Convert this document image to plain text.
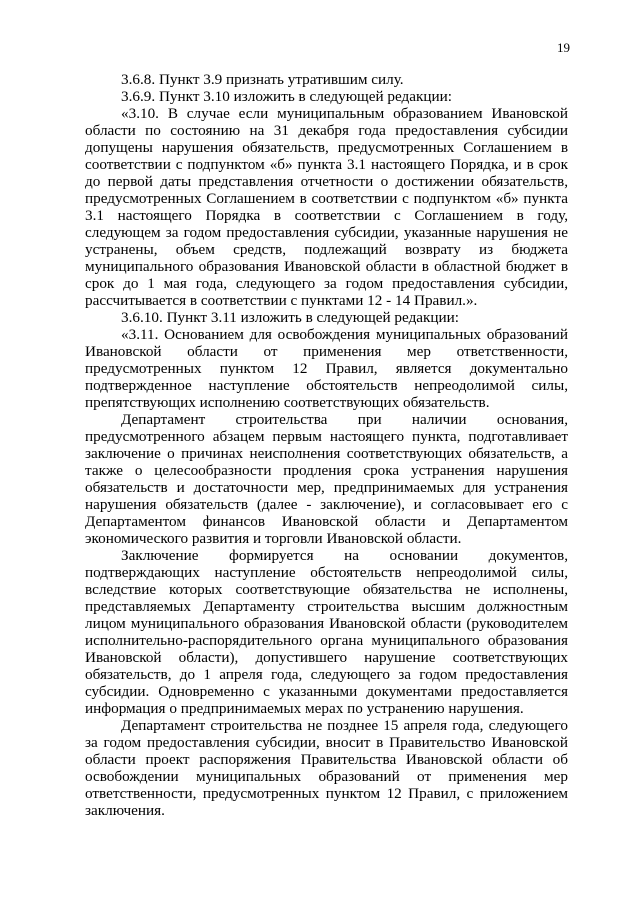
19

3.6.8. Пункт 3.9 признать утратившим силу.

3.6.9. Пункт 3.10 изложить в следующей редакции:

«3.10. В случае если муниципальным образованием Ивановской области по состоянию на 31 декабря года предоставления субсидии допущены нарушения обязательств, предусмотренных Соглашением в соответствии с подпунктом «б» пункта 3.1 настоящего Порядка, и в срок до первой даты представления отчетности о достижении обязательств, предусмотренных Соглашением в соответствии с подпунктом «б» пункта 3.1 настоящего Порядка в соответствии с Соглашением в году, следующем за годом предоставления субсидии, указанные нарушения не устранены, объем средств, подлежащий возврату из бюджета муниципального образования Ивановской области в областной бюджет в срок до 1 мая года, следующего за годом предоставления субсидии, рассчитывается в соответствии с пунктами 12 - 14 Правил.».

3.6.10. Пункт 3.11 изложить в следующей редакции:

«3.11. Основанием для освобождения муниципальных образований Ивановской области от применения мер ответственности, предусмотренных пунктом 12 Правил, является документально подтвержденное наступление обстоятельств непреодолимой силы, препятствующих исполнению соответствующих обязательств.

Департамент строительства при наличии основания, предусмотренного абзацем первым настоящего пункта, подготавливает заключение о причинах неисполнения соответствующих обязательств, а также о целесообразности продления срока устранения нарушения обязательств и достаточности мер, предпринимаемых для устранения нарушения обязательств (далее - заключение), и согласовывает его с Департаментом финансов Ивановской области и Департаментом экономического развития и торговли Ивановской области.

Заключение формируется на основании документов, подтверждающих наступление обстоятельств непреодолимой силы, вследствие которых соответствующие обязательства не исполнены, представляемых Департаменту строительства высшим должностным лицом муниципального образования Ивановской области (руководителем исполнительно-распорядительного органа муниципального образования Ивановской области), допустившего нарушение соответствующих обязательств, до 1 апреля года, следующего за годом предоставления субсидии. Одновременно с указанными документами предоставляется информация о предпринимаемых мерах по устранению нарушения.

Департамент строительства не позднее 15 апреля года, следующего за годом предоставления субсидии, вносит в Правительство Ивановской области проект распоряжения Правительства Ивановской области об освобождении муниципальных образований от применения мер ответственности, предусмотренных пунктом 12 Правил, с приложением заключения.
